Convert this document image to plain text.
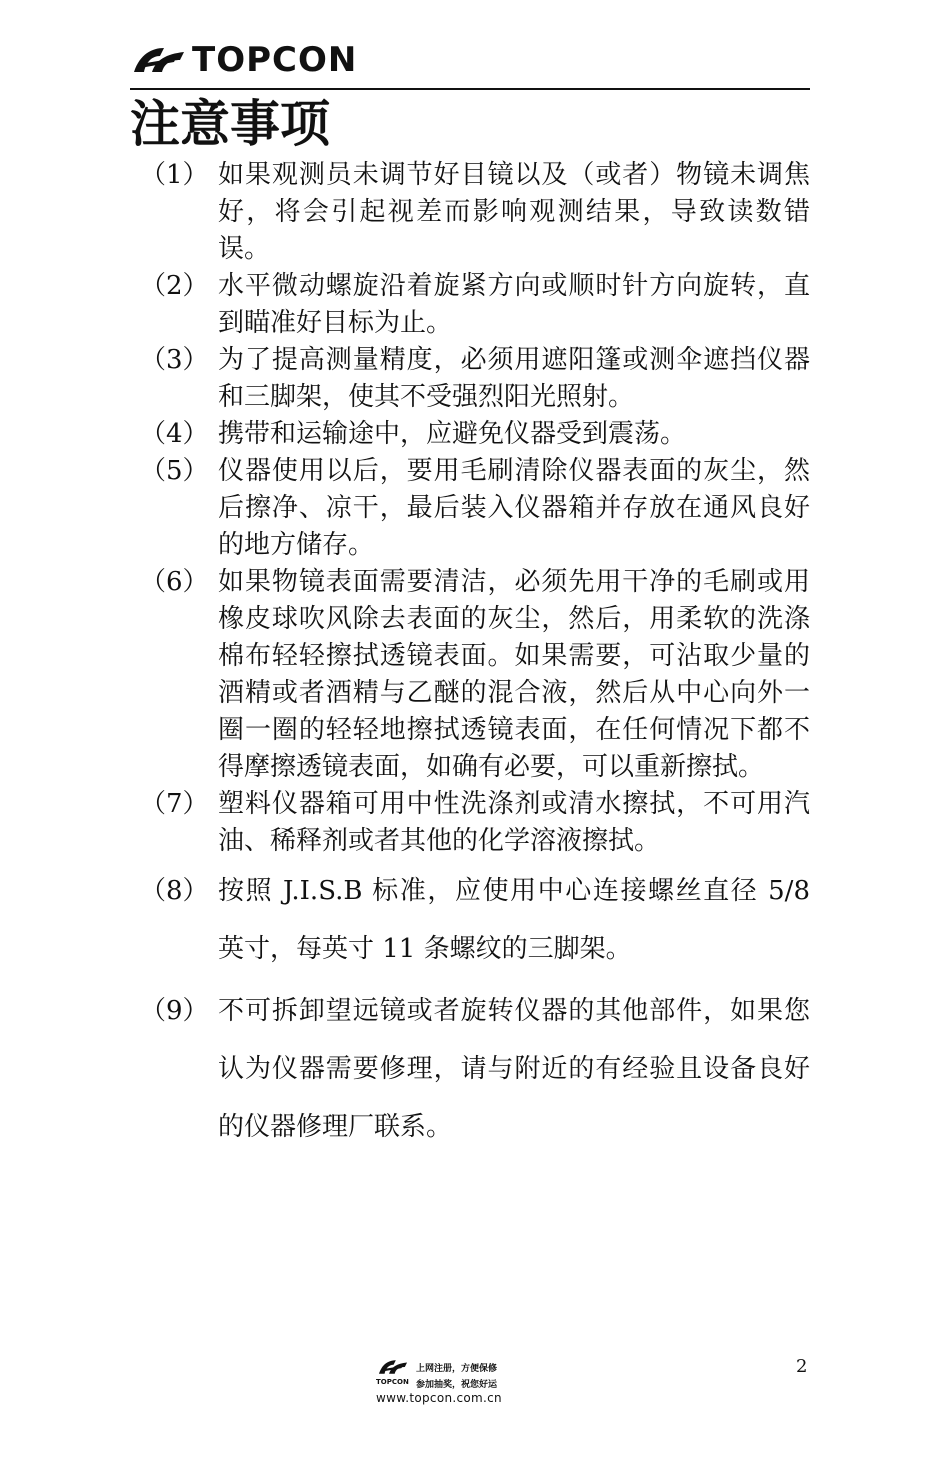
TOPCON
注意事项
（1） 如果观测员未调节好目镜以及（或者）物镜未调焦好，将会引起视差而影响观测结果，导致读数错误。
（2） 水平微动螺旋沿着旋紧方向或顺时针方向旋转，直到瞄准好目标为止。
（3） 为了提高测量精度，必须用遮阳篷或测伞遮挡仪器和三脚架，使其不受强烈阳光照射。
（4） 携带和运输途中，应避免仪器受到震荡。
（5） 仪器使用以后，要用毛刷清除仪器表面的灰尘，然后擦净、凉干，最后装入仪器箱并存放在通风良好的地方储存。
（6） 如果物镜表面需要清洁，必须先用干净的毛刷或用橡皮球吹风除去表面的灰尘，然后，用柔软的洗涤棉布轻轻擦拭透镜表面。如果需要，可沾取少量的酒精或者酒精与乙醚的混合液，然后从中心向外一圈一圈的轻轻地擦拭透镜表面，在任何情况下都不得摩擦透镜表面，如确有必要，可以重新擦拭。
（7） 塑料仪器箱可用中性洗涤剂或清水擦拭，不可用汽油、稀释剂或者其他的化学溶液擦拭。
（8） 按照 J.I.S.B 标准，应使用中心连接螺丝直径 5/8 英寸，每英寸 11 条螺纹的三脚架。
（9） 不可拆卸望远镜或者旋转仪器的其他部件，如果您认为仪器需要修理，请与附近的有经验且设备良好的仪器修理厂联系。
2
TOPCON
上网注册，方便保修
参加抽奖，祝您好运
www.topcon.com.cn
